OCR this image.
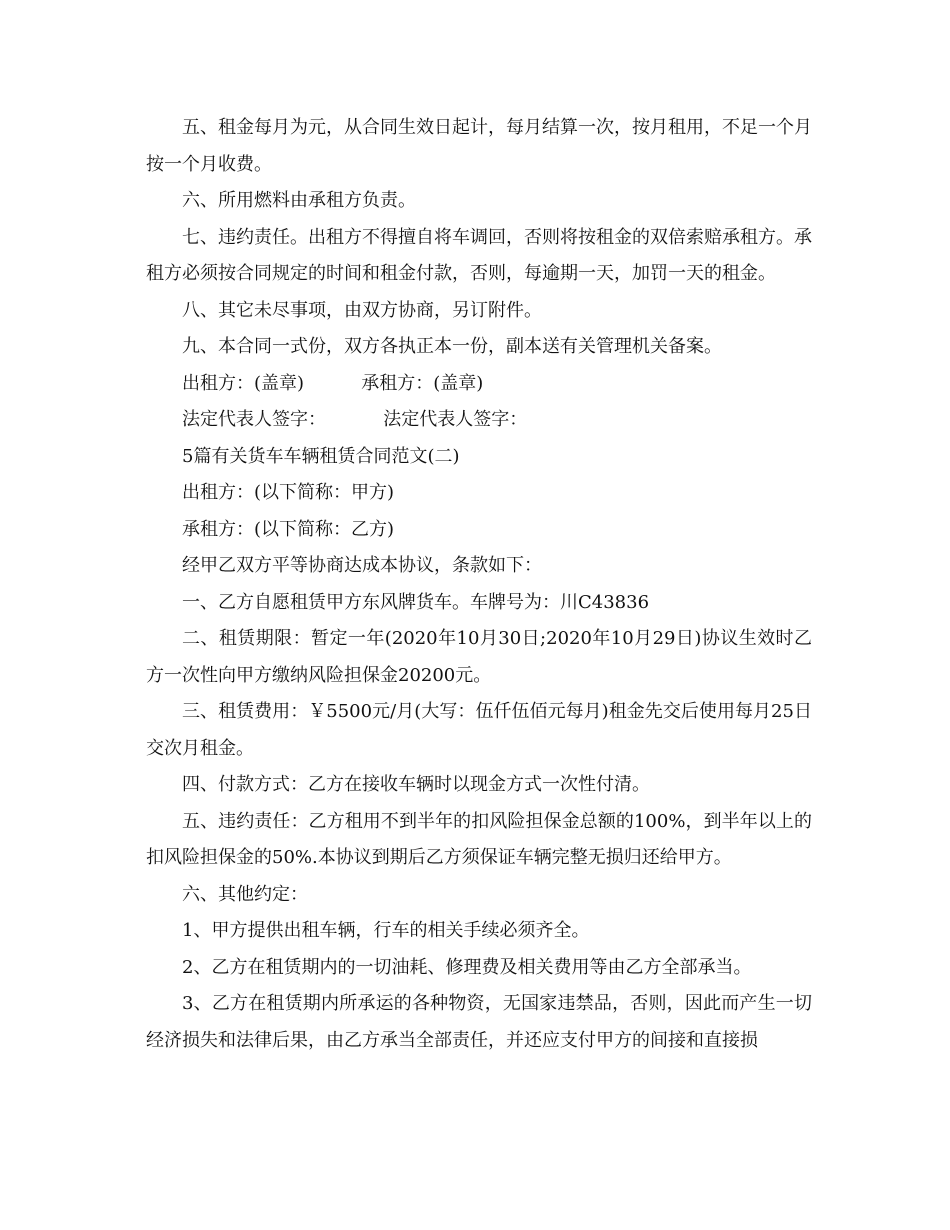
五、租金每月为元，从合同生效日起计，每月结算一次，按月租用，不足一个月按一个月收费。

六、所用燃料由承租方负责。

七、违约责任。出租方不得擅自将车调回，否则将按租金的双倍索赔承租方。承租方必须按合同规定的时间和租金付款，否则，每逾期一天，加罚一天的租金。

八、其它未尽事项，由双方协商，另订附件。

九、本合同一式份，双方各执正本一份，副本送有关管理机关备案。

出租方：(盖章)          承租方：(盖章)

法定代表人签字：          法定代表人签字：

5篇有关货车车辆租赁合同范文(二)

出租方：(以下简称：甲方)

承租方：(以下简称：乙方)

经甲乙双方平等协商达成本协议，条款如下：

一、乙方自愿租赁甲方东风牌货车。车牌号为：川C43836

二、租赁期限：暂定一年(2020年10月30日;2020年10月29日)协议生效时乙方一次性向甲方缴纳风险担保金20200元。

三、租赁费用：￥5500元/月(大写：伍仟伍佰元每月)租金先交后使用每月25日交次月租金。

四、付款方式：乙方在接收车辆时以现金方式一次性付清。

五、违约责任：乙方租用不到半年的扣风险担保金总额的100%，到半年以上的扣风险担保金的50%.本协议到期后乙方须保证车辆完整无损归还给甲方。

六、其他约定：

1、甲方提供出租车辆，行车的相关手续必须齐全。

2、乙方在租赁期内的一切油耗、修理费及相关费用等由乙方全部承当。

3、乙方在租赁期内所承运的各种物资，无国家违禁品，否则，因此而产生一切经济损失和法律后果，由乙方承当全部责任，并还应支付甲方的间接和直接损
